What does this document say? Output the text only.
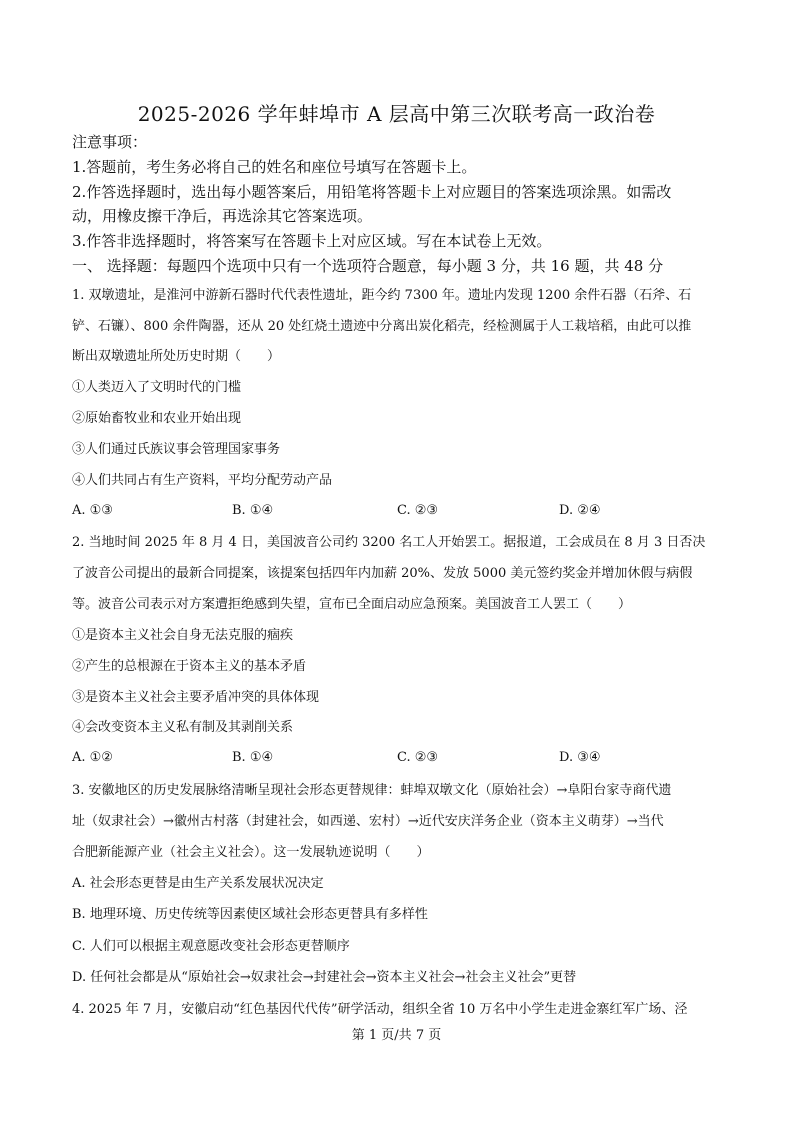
2025-2026 学年蚌埠市 A 层高中第三次联考高一政治卷
注意事项：
1.答题前，考生务必将自己的姓名和座位号填写在答题卡上。
2.作答选择题时，选出每小题答案后，用铅笔将答题卡上对应题目的答案选项涂黑。如需改
动，用橡皮擦干净后，再选涂其它答案选项。
3.作答非选择题时，将答案写在答题卡上对应区域。写在本试卷上无效。
一、 选择题：每题四个选项中只有一个选项符合题意，每小题 3 分，共 16 题，共 48 分
1. 双墩遗址，是淮河中游新石器时代代表性遗址，距今约 7300 年。遗址内发现 1200 余件石器（石斧、石
铲、石镰）、800 余件陶器，还从 20 处红烧土遗迹中分离出炭化稻壳，经检测属于人工栽培稻，由此可以推
断出双墩遗址所处历史时期（　　）
①人类迈入了文明时代的门槛
②原始畜牧业和农业开始出现
③人们通过氏族议事会管理国家事务
④人们共同占有生产资料，平均分配劳动产品
A. ①③	B. ①④	C. ②③	D. ②④
2. 当地时间 2025 年 8 月 4 日，美国波音公司约 3200 名工人开始罢工。据报道，工会成员在 8 月 3 日否决
了波音公司提出的最新合同提案，该提案包括四年内加薪 20%、发放 5000 美元签约奖金并增加休假与病假
等。波音公司表示对方案遭拒绝感到失望，宣布已全面启动应急预案。美国波音工人罢工（　　）
①是资本主义社会自身无法克服的痼疾
②产生的总根源在于资本主义的基本矛盾
③是资本主义社会主要矛盾冲突的具体体现
④会改变资本主义私有制及其剥削关系
A. ①②	B. ①④	C. ②③	D. ③④
3. 安徽地区的历史发展脉络清晰呈现社会形态更替规律：蚌埠双墩文化（原始社会）→阜阳台家寺商代遗
址（奴隶社会）→徽州古村落（封建社会，如西递、宏村）→近代安庆洋务企业（资本主义萌芽）→当代
合肥新能源产业（社会主义社会）。这一发展轨迹说明（　　）
A. 社会形态更替是由生产关系发展状况决定
B. 地理环境、历史传统等因素使区域社会形态更替具有多样性
C. 人们可以根据主观意愿改变社会形态更替顺序
D. 任何社会都是从“原始社会→奴隶社会→封建社会→资本主义社会→社会主义社会”更替
4. 2025 年 7 月，安徽启动“红色基因代代传”研学活动，组织全省 10 万名中小学生走进金寨红军广场、泾
第 1 页/共 7 页
